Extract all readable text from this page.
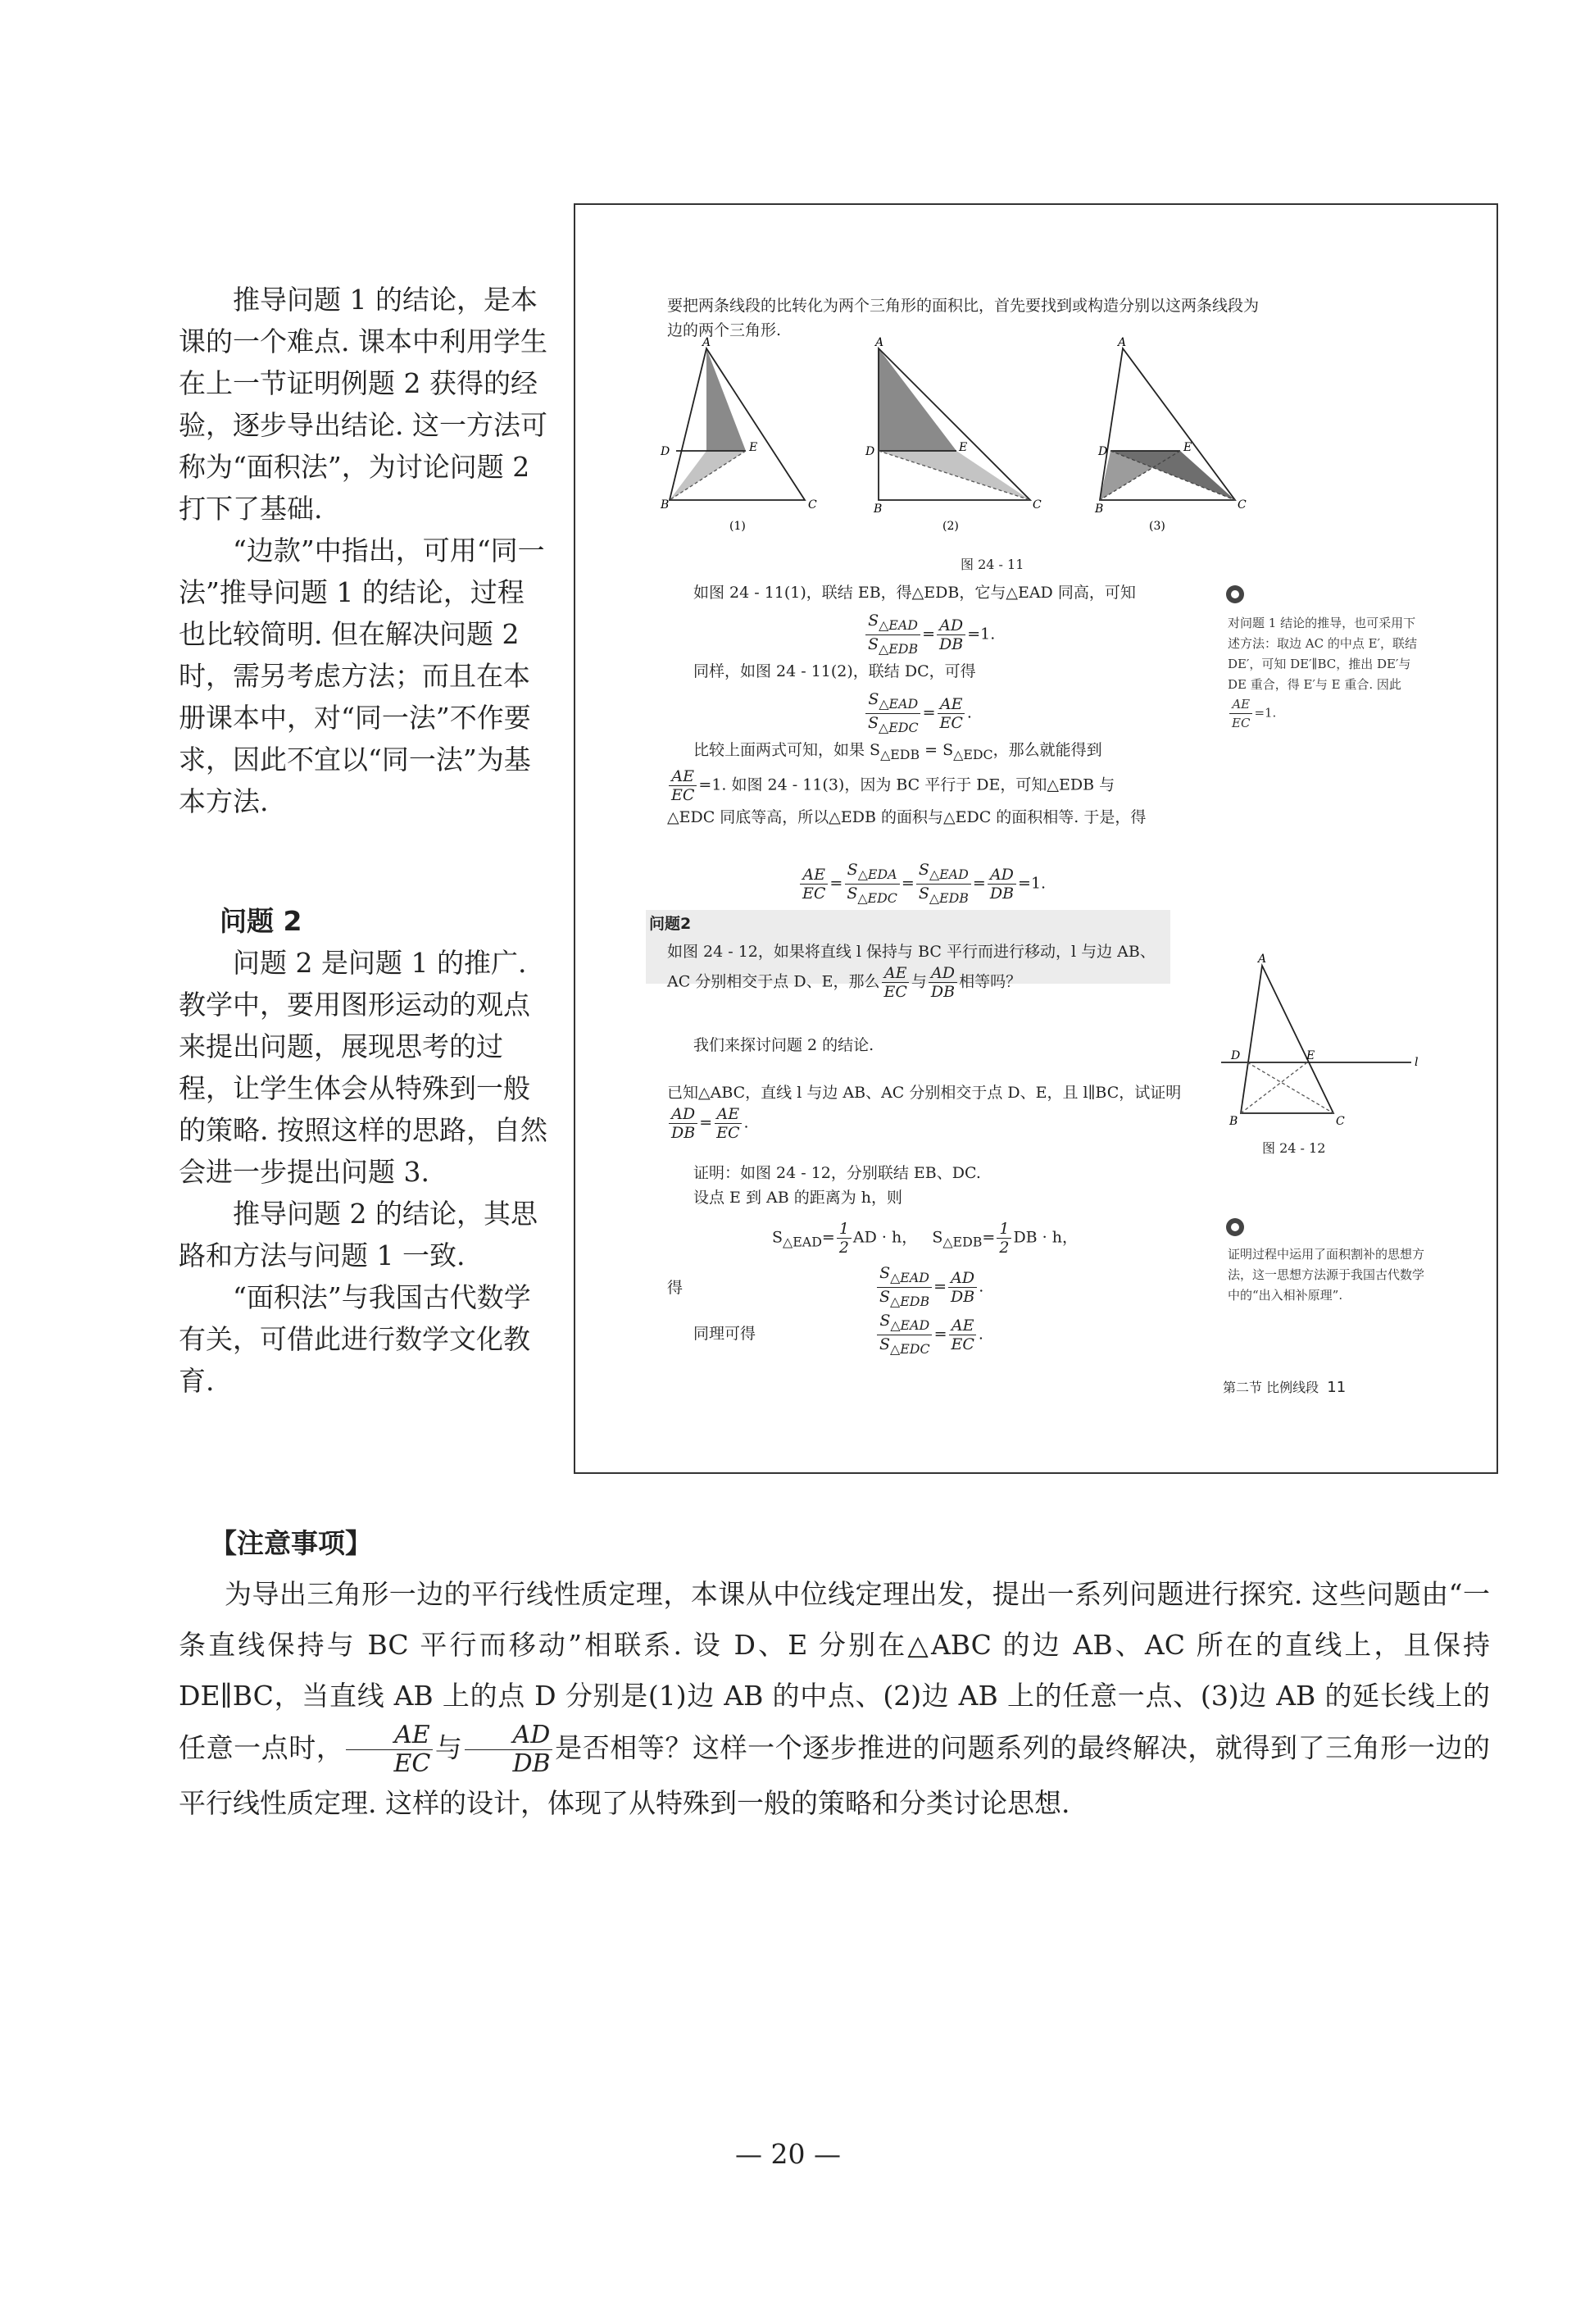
推导问题 1 的结论，是本课的一个难点. 课本中利用学生在上一节证明例题 2 获得的经验，逐步导出结论. 这一方法可称为“面积法”，为讨论问题 2 打下了基础.

“边款”中指出，可用“同一法”推导问题 1 的结论，过程也比较简明. 但在解决问题 2 时，需另考虑方法；而且在本册课本中，对“同一法”不作要求，因此不宜以“同一法”为基本方法.

问题 2

问题 2 是问题 1 的推广. 教学中，要用图形运动的观点来提出问题，展现思考的过程，让学生体会从特殊到一般的策略. 按照这样的思路，自然会进一步提出问题 3.

推导问题 2 的结论，其思路和方法与问题 1 一致.

“面积法”与我国古代数学有关，可借此进行数学文化教育.

要把两条线段的比转化为两个三角形的面积比，首先要找到或构造分别以这两条线段为边的两个三角形.
A
D	E
B	C
(1)
A
D	E
B	C
(2)
A
D	E
B	C
(3)
图 24 - 11
如图 24 - 11(1)，联结 EB，得△EDB，它与△EAD 同高，可知
$\frac{S_{\triangle EAD}}{S_{\triangle EDB}} = \frac{AD}{DB} =1$.
同样，如图 24 - 11(2)，联结 DC，可得
$\frac{S_{\triangle EAD}}{S_{\triangle EDC}} = \frac{AE}{EC}$ .
比较上面两式可知，如果 $S_{\triangle EDB} = S_{\triangle EDC}$，那么就能得到
$\frac{AE}{EC} =1$. 如图 24 - 11(3)，因为 BC 平行于 DE，可知△EDB 与
△EDC 同底等高，所以△EDB 的面积与△EDC 的面积相等. 于是，得
$\frac{AE}{EC} = \frac{S_{\triangle EDA}}{S_{\triangle EDC}} = \frac{S_{\triangle EAD}}{S_{\triangle EDB}} = \frac{AD}{DB} =1$.
对问题 1 结论的推导，也可采用下述方法：取边 AC 的中点 E′，联结 DE′，可知 DE′∥BC，推出 DE′与 DE 重合，得 E′与 E 重合. 因此
$\frac{AE}{EC} =1$.
问题2
如图 24 - 12，如果将直线 l 保持与 BC 平行而进行移动，l 与边 AB、AC 分别相交于点 D、E，那么 $\frac{AE}{EC}$ 与 $\frac{AD}{DB}$ 相等吗？
我们来探讨问题 2 的结论.
已知△ABC，直线 l 与边 AB、AC 分别相交于点 D、E，且 l∥BC，试证明
$\frac{AD}{DB} = \frac{AE}{EC}$ .
证明：如图 24 - 12，分别联结 EB、DC.
设点 E 到 AB 的距离为 h，则
$S_{\triangle EAD}= \frac{1}{2}$ AD · h，   $S_{\triangle EDB}= \frac{1}{2}$ DB · h，
得	$\frac{S_{\triangle EAD}}{S_{\triangle EDB}} = \frac{AD}{DB}$ .
同理可得	$\frac{S_{\triangle EAD}}{S_{\triangle EDC}} = \frac{AE}{EC}$ .
A
D	E	l
B	C
图 24 - 12
证明过程中运用了面积割补的思想方法，这一思想方法源于我国古代数学中的“出入相补原理”.
第二节 比例线段 11

【注意事项】

为导出三角形一边的平行线性质定理，本课从中位线定理出发，提出一系列问题进行探究. 这些问题由“一条直线保持与 BC 平行而移动”相联系. 设 D、E 分别在△ABC 的边 AB、AC 所在的直线上，且保持 DE∥BC，当直线 AB 上的点 D 分别是(1)边 AB 的中点、(2)边 AB 上的任意一点、(3)边 AB 的延长线上的任意一点时， $\frac{AE}{EC}$ 与 $\frac{AD}{DB}$ 是否相等？这样一个逐步推进的问题系列的最终解决，就得到了三角形一边的平行线性质定理. 这样的设计，体现了从特殊到一般的策略和分类讨论思想.

— 20 —
